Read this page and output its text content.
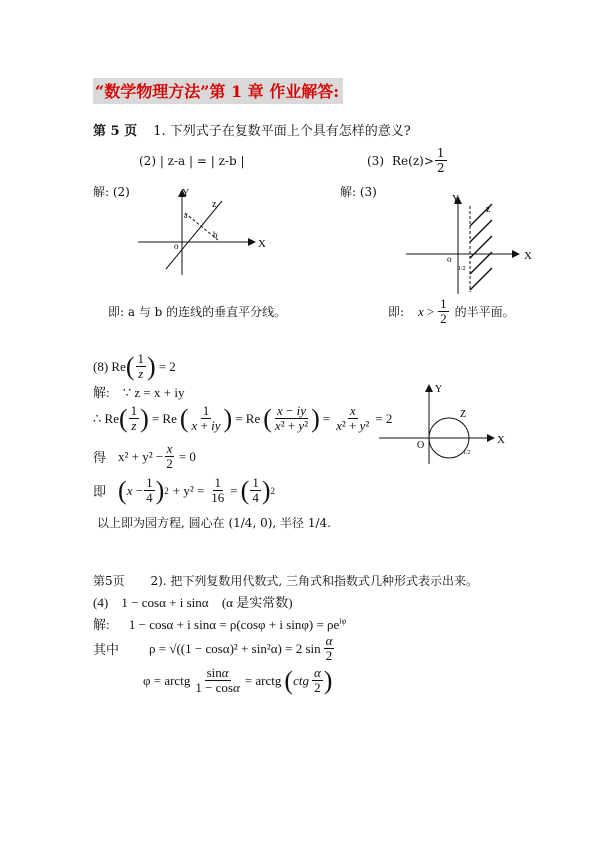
“数学物理方法”第 1 章 作业解答:
第 5 页 1. 下列式子在复数平面上个具有怎样的意义?
(2) | z-a | = | z-b |	(3) $Re(z)> \frac{1}{2}$
解: (2)	解: (3)
Y
X
a
b
z
o
Y
X
z
o
1/2
即: a 与 b 的连线的垂直平分线。	即: $x > \frac{1}{2}$ 的半平面。
(8) Re ( $\frac{1}{z}$ ) = 2
解: ∵ z = x + iy
∴ Re ( $\frac{1}{z}$ ) = Re ( $\frac{1}{x + iy}$ ) = Re ( $\frac{x - iy}{\text{x² + y²}}$ ) = $\frac{x}{\text{x² + y²}} = 2$
得 $x^2 + y^2 - \frac{x}{2} = 0$
即 ( $x - \frac{1}{4}$ ) $2 + y^2 = \frac{1}{16}$ = ( $\frac{1}{4}$ ) 2
以上即为园方程, 圆心在 (1/4, 0), 半径 1/4.
Y
X
Z
O
1/2
第5页 2). 把下列复数用代数式, 三角式和指数式几种形式表示出来。
(4) 1 − cosα + i sinα (α 是实常数)
解: 1 − cosα + i sinα = ρ(cosφ + i $\sin\varphi) = \rho e^{i\varphi}$
其中 ρ = √((1 − cosα)² + sin²α) = 2 $\sin \frac{\alpha}{2}$
φ = arctg $\frac{\sin\alpha}{1 - \cos\alpha}$ = arctg ( ctg $\frac{\alpha}{2}$ )
